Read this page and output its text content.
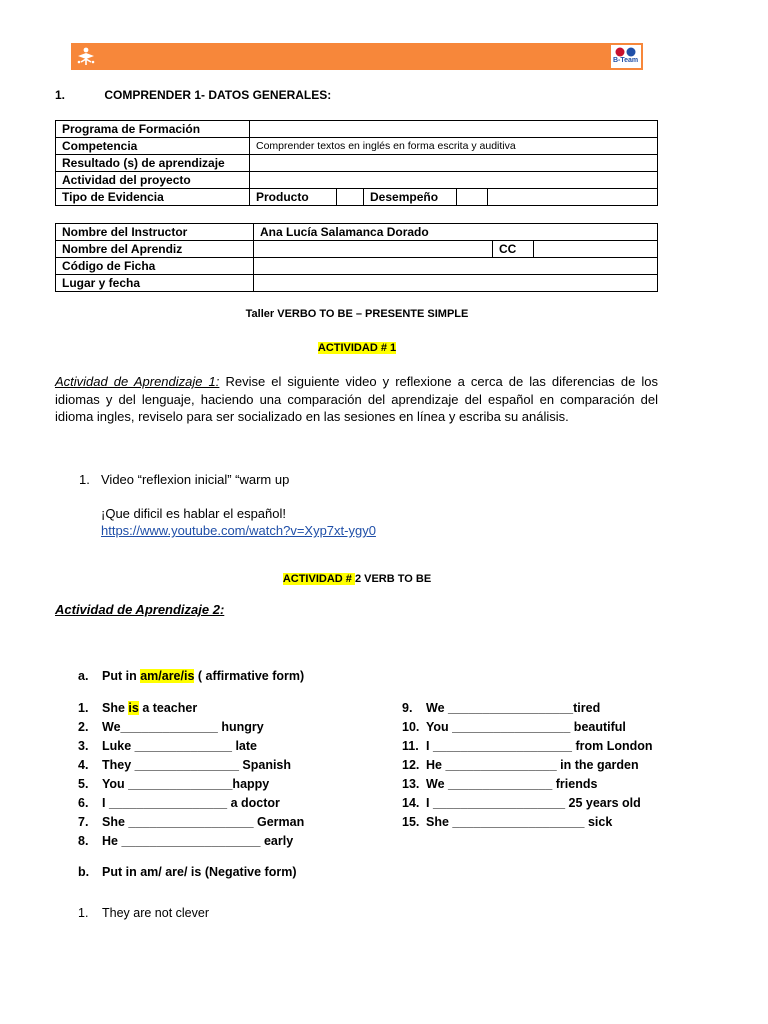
B-Team
1.	COMPRENDER 1- DATOS GENERALES:
Programa de Formación					
Competencia	Comprender textos en inglés en forma escrita y auditiva				
Resultado (s) de aprendizaje					
Actividad del proyecto					
Tipo de Evidencia	Producto		Desempeño		
Nombre del Instructor	Ana Lucía Salamanca Dorado		
Nombre del Aprendiz		CC	
Código de Ficha			
Lugar y fecha			
Taller VERBO TO BE – PRESENTE SIMPLE
ACTIVIDAD # 1
Actividad de Aprendizaje 1: Revise el siguiente video y reflexione a cerca de las diferencias de los idiomas y del lenguaje, haciendo una comparación del aprendizaje del español en comparación del idioma ingles, reviselo para ser socializado en las sesiones en línea y escriba su análisis.
1. Video “reflexion inicial” “warm up
¡Que dificil es hablar el español!
https://www.youtube.com/watch?v=Xyp7xt-ygy0
ACTIVIDAD # 2 VERB TO BE
Actividad de Aprendizaje 2:
a. Put in am/are/is ( affirmative form)
1. She is a teacher
2. We______________ hungry
3. Luke ______________ late
4. They _______________ Spanish
5. You _______________happy
6. I _________________ a doctor
7. She __________________ German
8. He ____________________ early
9. We __________________tired
10. You _________________ beautiful
11. I ____________________ from London
12. He ________________ in the garden
13. We _______________ friends
14. I ___________________ 25 years old
15. She ___________________ sick
b. Put in am/ are/ is (Negative form)
1. They are not clever
